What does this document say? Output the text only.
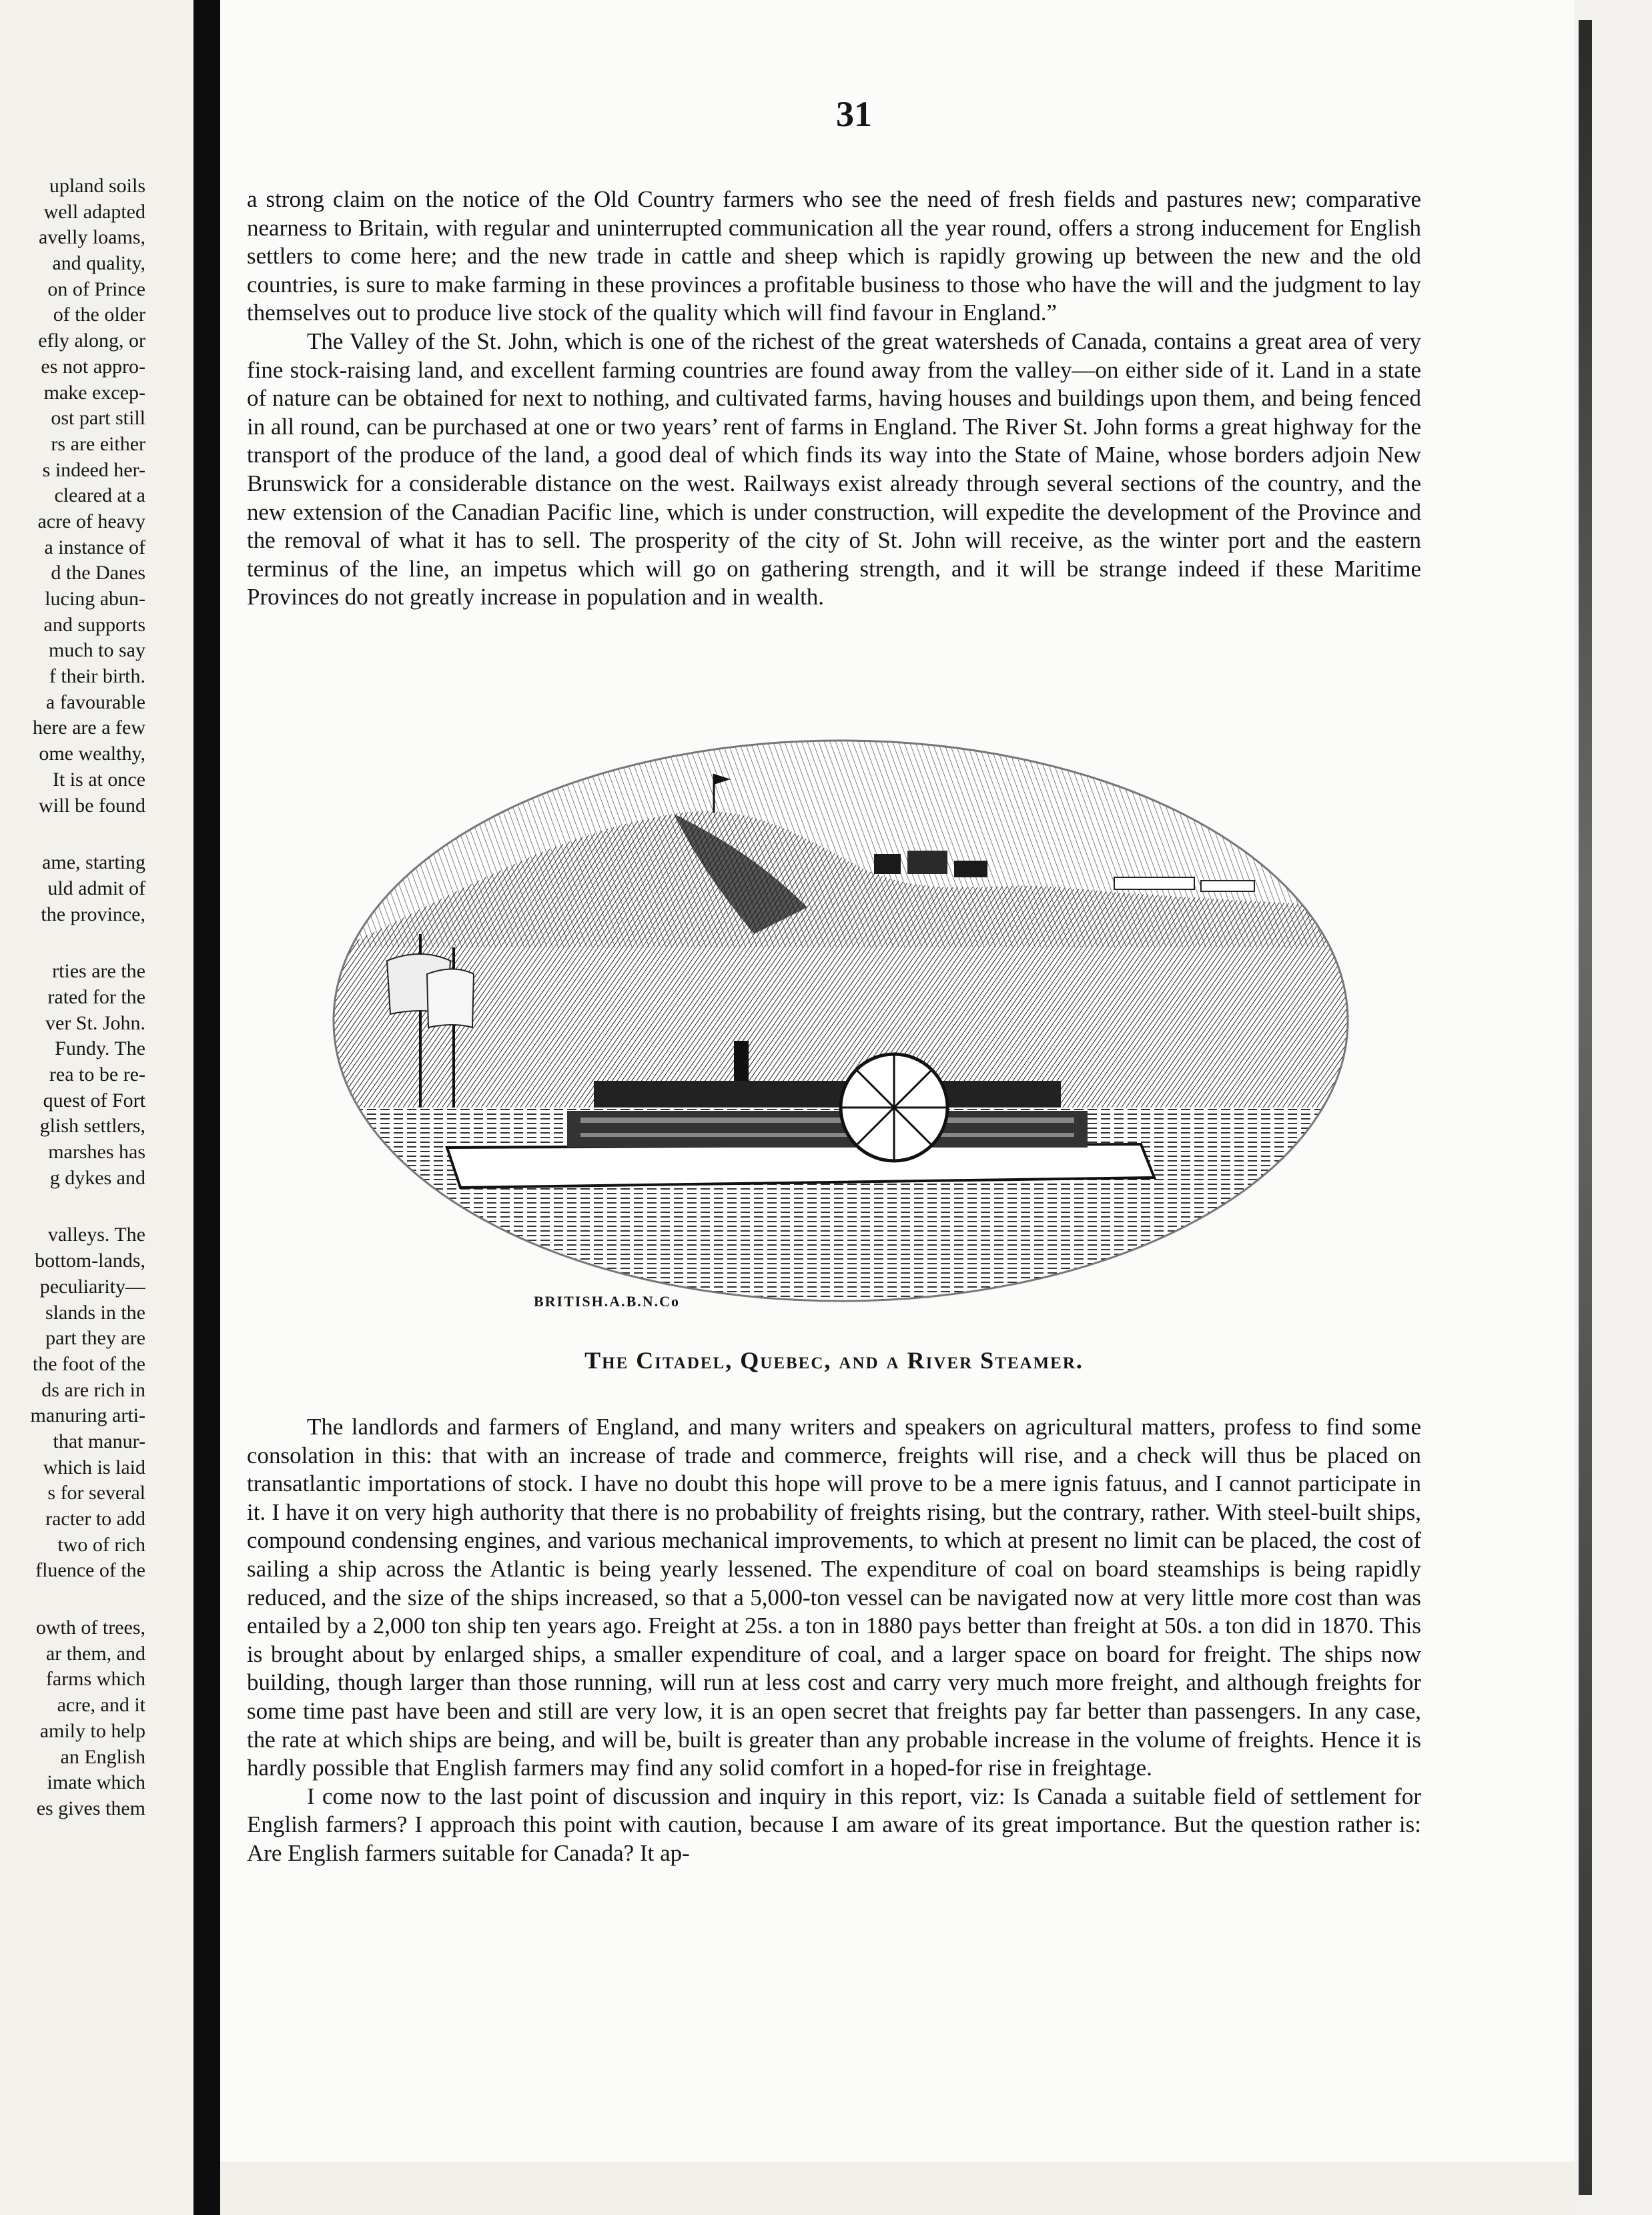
upland soils
well adapted
avelly loams,
and quality,
on of Prince
of the older
efly along, or
es not appro-
make excep-
ost part still
rs are either
s indeed her-
cleared at a
acre of heavy
a instance of
d the Danes
lucing abun-
and supports
much to say
f their birth.
a favourable
here are a few
ome wealthy,
It is at once
will be found
ame, starting
uld admit of
the province,
rties are the
rated for the
ver St. John.
Fundy. The
rea to be re-
quest of Fort
glish settlers,
marshes has
g dykes and
valleys. The
bottom-lands,
peculiarity—
slands in the
part they are
the foot of the
ds are rich in
manuring arti-
that manur-
which is laid
s for several
racter to add
two of rich
fluence of the
owth of trees,
ar them, and
farms which
acre, and it
amily to help
an English
imate which
es gives them
31

a strong claim on the notice of the Old Country farmers who see the need of fresh fields and pastures new; comparative nearness to Britain, with regular and uninterrupted communication all the year round, offers a strong inducement for English settlers to come here; and the new trade in cattle and sheep which is rapidly growing up between the new and the old countries, is sure to make farming in these provinces a profitable business to those who have the will and the judgment to lay themselves out to produce live stock of the quality which will find favour in England.”

The Valley of the St. John, which is one of the richest of the great watersheds of Canada, contains a great area of very fine stock-raising land, and excellent farming countries are found away from the valley—on either side of it. Land in a state of nature can be obtained for next to nothing, and cultivated farms, having houses and buildings upon them, and being fenced in all round, can be purchased at one or two years’ rent of farms in England. The River St. John forms a great highway for the transport of the produce of the land, a good deal of which finds its way into the State of Maine, whose borders adjoin New Brunswick for a considerable distance on the west. Railways exist already through several sections of the country, and the new extension of the Canadian Pacific line, which is under construction, will expedite the development of the Province and the removal of what it has to sell. The prosperity of the city of St. John will receive, as the winter port and the eastern terminus of the line, an impetus which will go on gathering strength, and it will be strange indeed if these Maritime Provinces do not greatly increase in population and in wealth.

BRITISH.A.B.N.Co
The Citadel, Quebec, and a River Steamer.

The landlords and farmers of England, and many writers and speakers on agricultural matters, profess to find some consolation in this: that with an increase of trade and commerce, freights will rise, and a check will thus be placed on transatlantic importations of stock. I have no doubt this hope will prove to be a mere ignis fatuus, and I cannot participate in it. I have it on very high authority that there is no probability of freights rising, but the contrary, rather. With steel-built ships, compound condensing engines, and various mechanical improvements, to which at present no limit can be placed, the cost of sailing a ship across the Atlantic is being yearly lessened. The expenditure of coal on board steamships is being rapidly reduced, and the size of the ships increased, so that a 5,000-ton vessel can be navigated now at very little more cost than was entailed by a 2,000 ton ship ten years ago. Freight at 25s. a ton in 1880 pays better than freight at 50s. a ton did in 1870. This is brought about by enlarged ships, a smaller expenditure of coal, and a larger space on board for freight. The ships now building, though larger than those running, will run at less cost and carry very much more freight, and although freights for some time past have been and still are very low, it is an open secret that freights pay far better than passengers. In any case, the rate at which ships are being, and will be, built is greater than any probable increase in the volume of freights. Hence it is hardly possible that English farmers may find any solid comfort in a hoped-for rise in freightage.

I come now to the last point of discussion and inquiry in this report, viz: Is Canada a suitable field of settlement for English farmers? I approach this point with caution, because I am aware of its great importance. But the question rather is: Are English farmers suitable for Canada? It ap-
